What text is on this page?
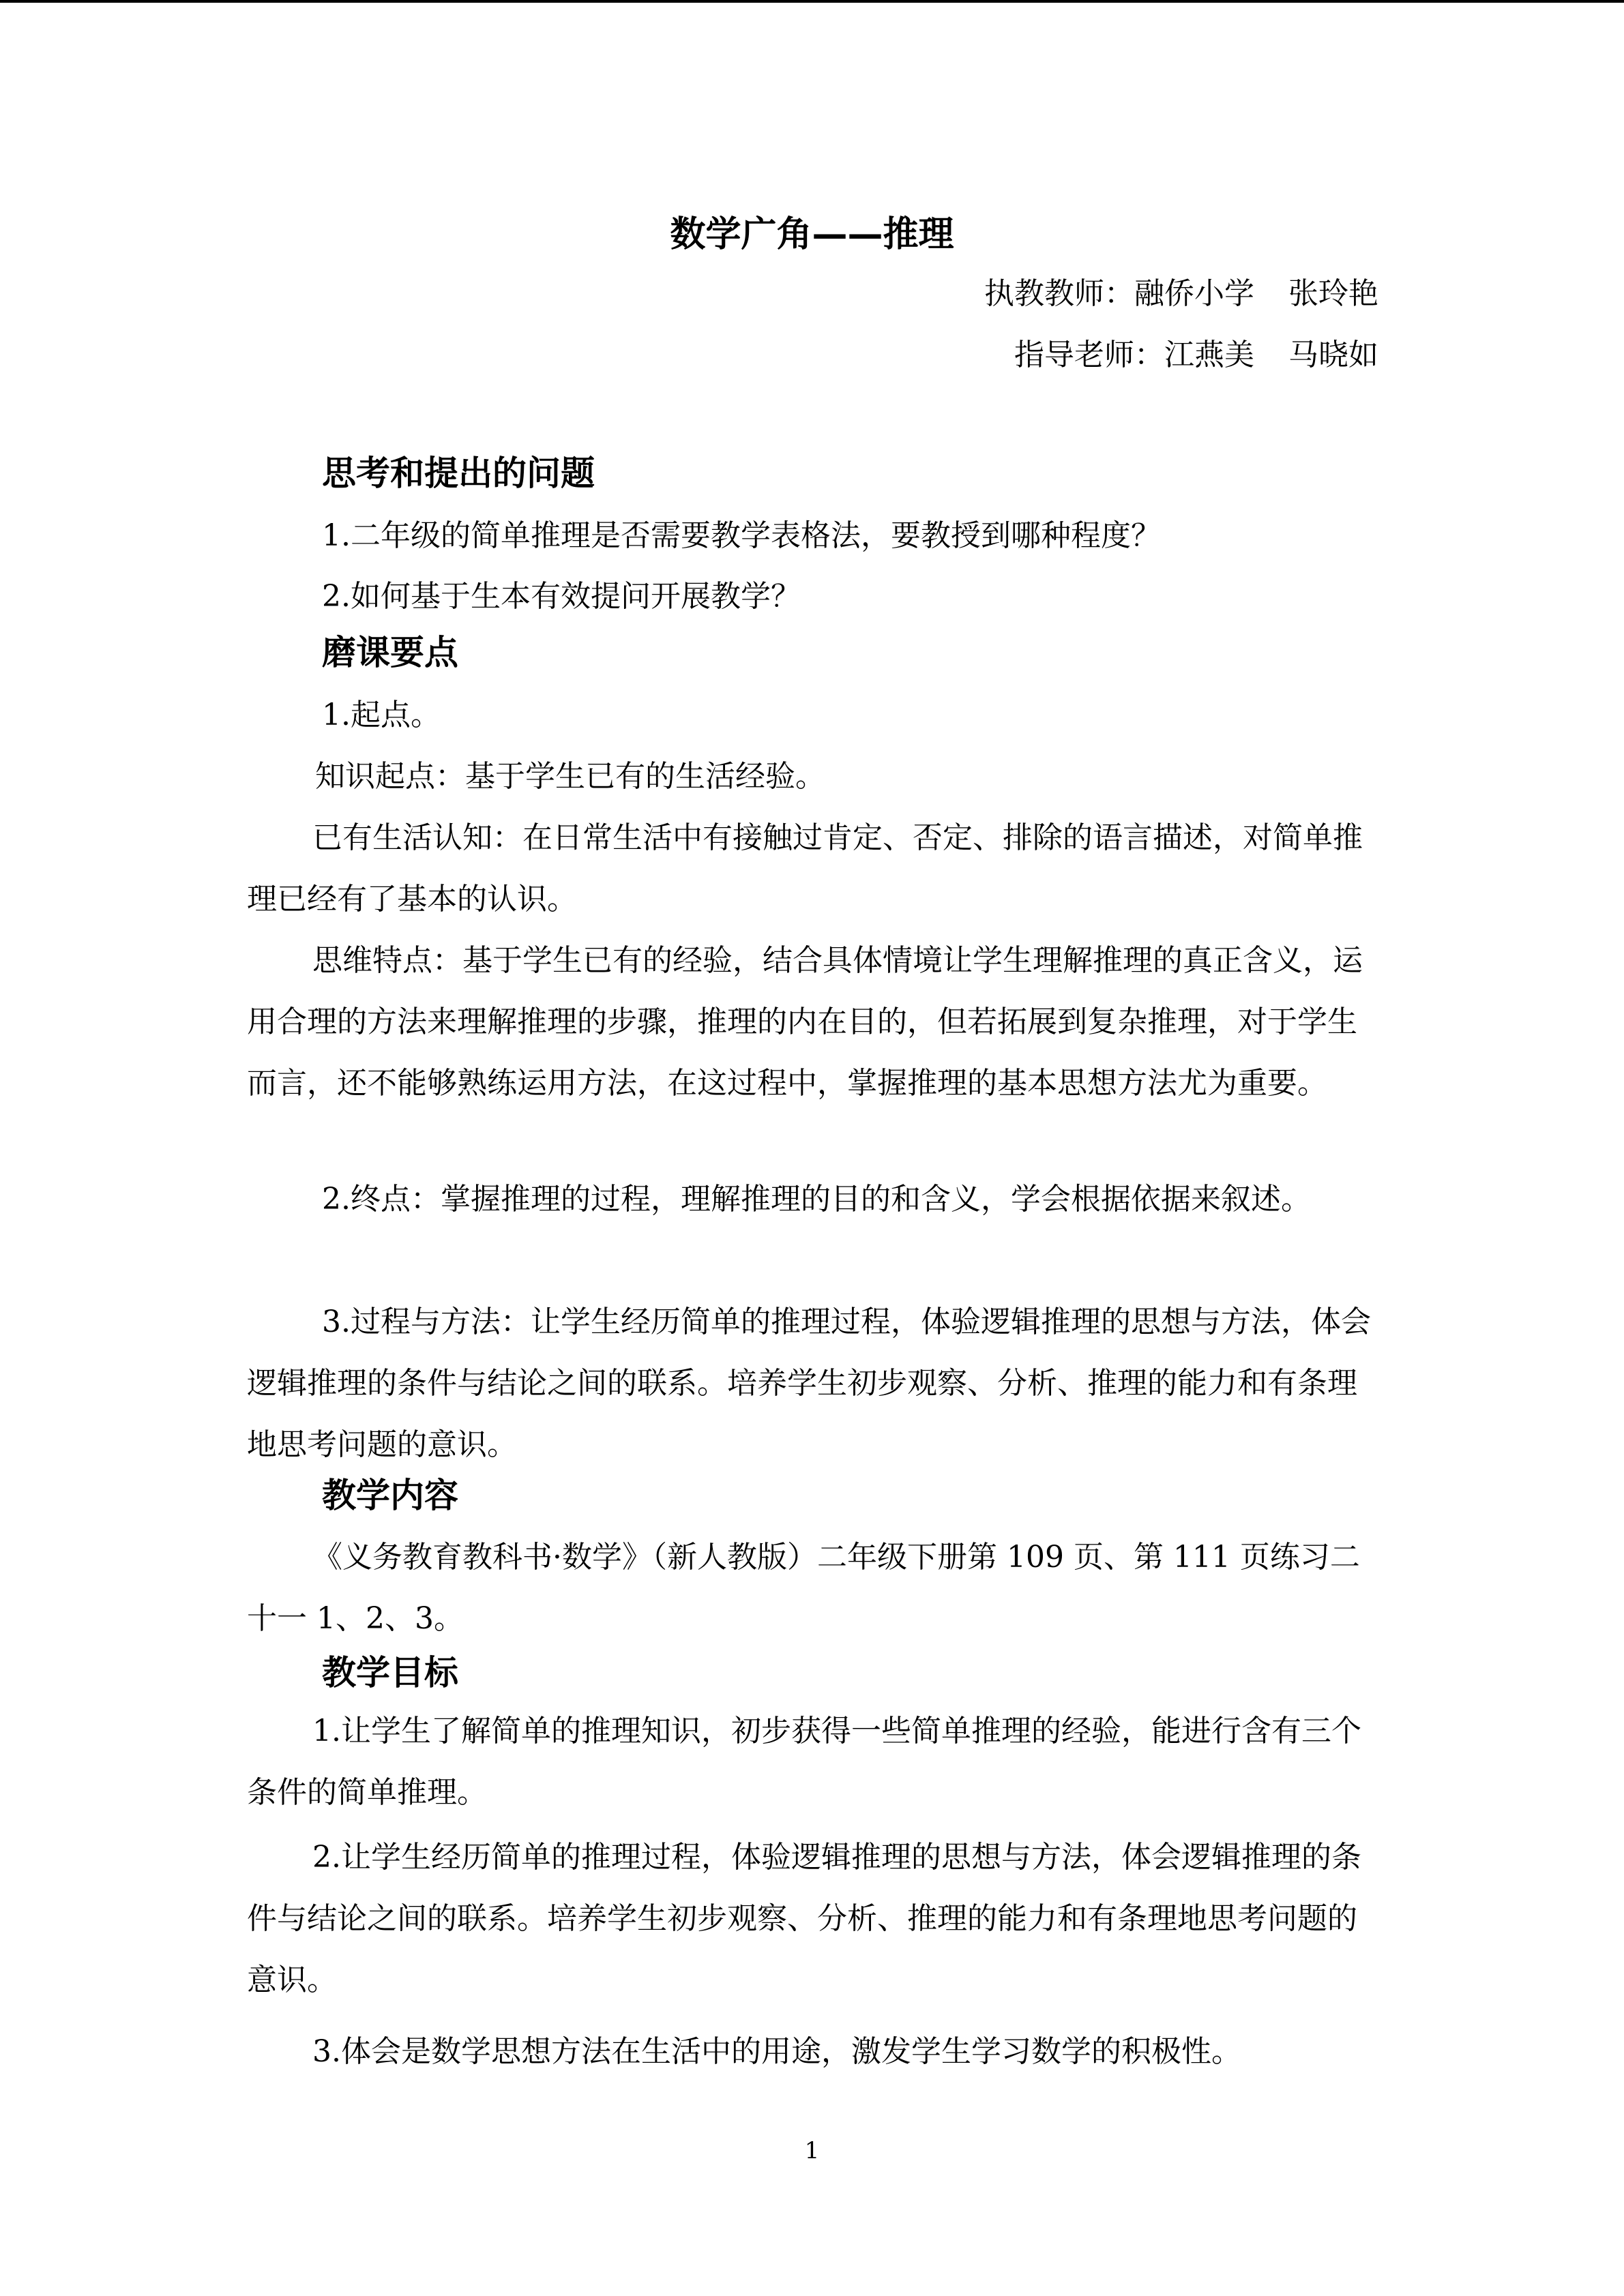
数学广角——推理
执教教师：融侨小学 张玲艳
指导老师：江燕美 马晓如
思考和提出的问题

1.二年级的简单推理是否需要教学表格法，要教授到哪种程度？

2.如何基于生本有效提问开展教学？

磨课要点

1.起点。

知识起点：基于学生已有的生活经验。

已有生活认知：在日常生活中有接触过肯定、否定、排除的语言描述，对简单推理已经有了基本的认识。

思维特点：基于学生已有的经验，结合具体情境让学生理解推理的真正含义，运用合理的方法来理解推理的步骤，推理的内在目的，但若拓展到复杂推理，对于学生而言，还不能够熟练运用方法，在这过程中，掌握推理的基本思想方法尤为重要。

2.终点：掌握推理的过程，理解推理的目的和含义，学会根据依据来叙述。

3.过程与方法：让学生经历简单的推理过程，体验逻辑推理的思想与方法，体会逻辑推理的条件与结论之间的联系。培养学生初步观察、分析、推理的能力和有条理地思考问题的意识。

教学内容

《义务教育教科书·数学》（新人教版）二年级下册第 109 页、第 111 页练习二十一 1、2、3。

教学目标

1.让学生了解简单的推理知识，初步获得一些简单推理的经验，能进行含有三个条件的简单推理。

2.让学生经历简单的推理过程，体验逻辑推理的思想与方法，体会逻辑推理的条件与结论之间的联系。培养学生初步观察、分析、推理的能力和有条理地思考问题的意识。

3.体会是数学思想方法在生活中的用途，激发学生学习数学的积极性。

1
